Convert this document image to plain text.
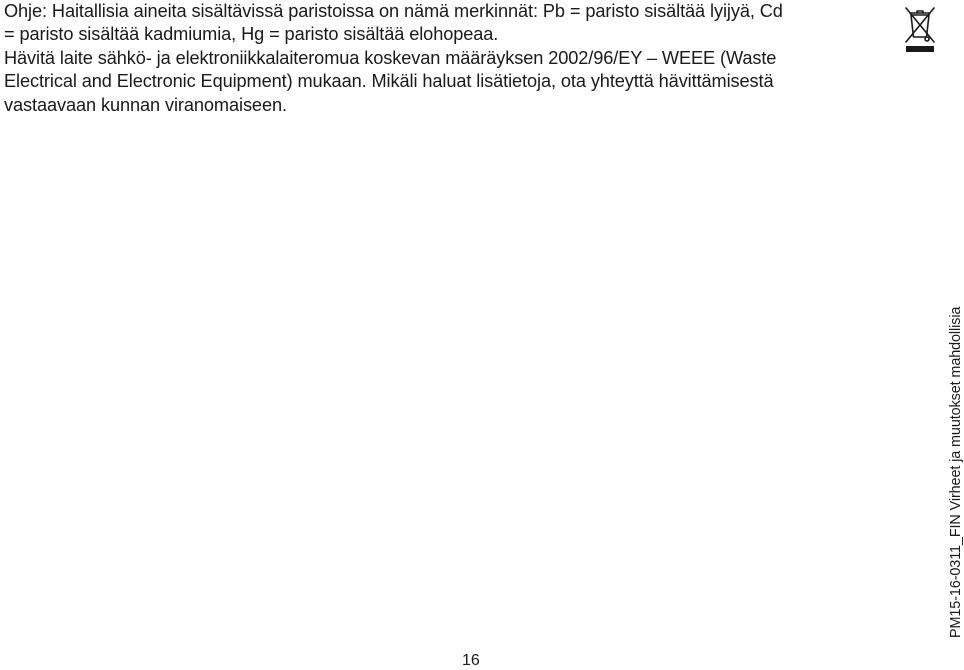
Ohje: Haitallisia aineita sisältävissä paristoissa on nämä merkinnät: Pb = paristo sisältää lyijyä, Cd

= paristo sisältää kadmiumia, Hg = paristo sisältää elohopeaa.

Hävitä laite sähkö- ja elektroniikkalaiteromua koskevan määräyksen 2002/96/EY – WEEE (Waste

Electrical and Electronic Equipment) mukaan. Mikäli haluat lisätietoja, ota yhteyttä hävittämisestä

vastaavaan kunnan viranomaiseen.

PM15-16-0311_FIN Virheet ja muutokset mahdollisia
16
